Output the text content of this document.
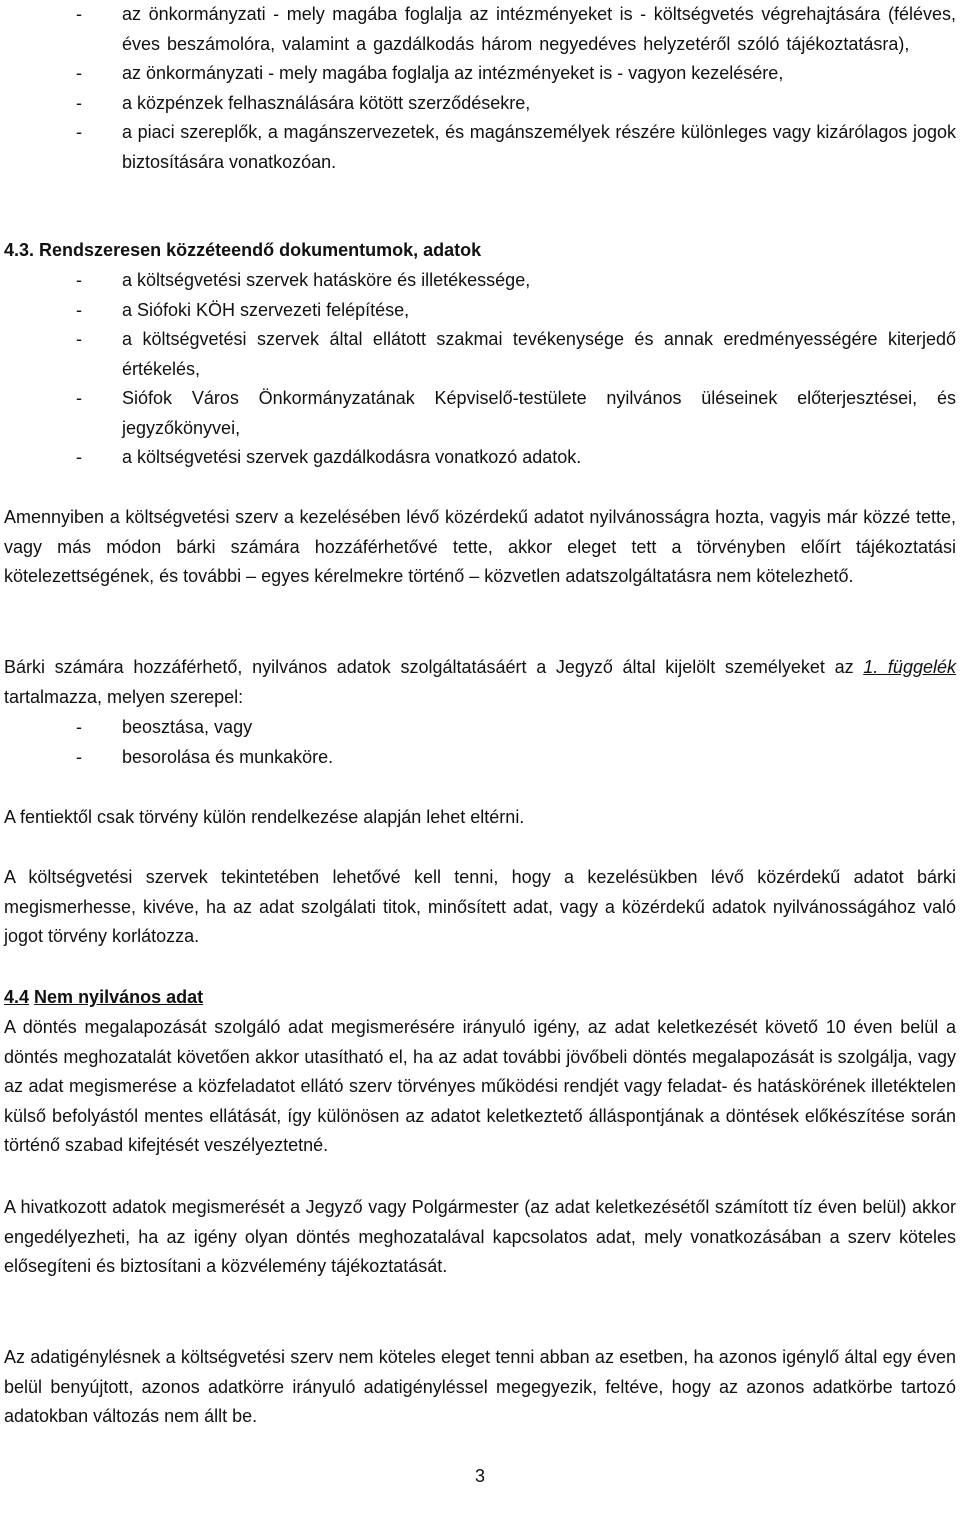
-	az önkormányzati - mely magába foglalja az intézményeket is - költségvetés végrehajtására (féléves, éves beszámolóra, valamint a gazdálkodás három negyedéves helyzetéről szóló tájékoztatásra),
-	az önkormányzati - mely magába foglalja az intézményeket is - vagyon kezelésére,
-	a közpénzek felhasználására kötött szerződésekre,
-	a piaci szereplők, a magánszervezetek, és magánszemélyek részére különleges vagy kizárólagos jogok biztosítására vonatkozóan.
4.3. Rendszeresen közzéteendő dokumentumok, adatok
-	a költségvetési szervek hatásköre és illetékessége,
-	a Siófoki KÖH szervezeti felépítése,
-	a költségvetési szervek által ellátott szakmai tevékenysége és annak eredményességére kiterjedő értékelés,
-	Siófok Város Önkormányzatának Képviselő-testülete nyilvános üléseinek előterjesztései, és jegyzőkönyvei,
-	a költségvetési szervek gazdálkodásra vonatkozó adatok.

Amennyiben a költségvetési szerv a kezelésében lévő közérdekű adatot nyilvánosságra hozta, vagyis már közzé tette, vagy más módon bárki számára hozzáférhetővé tette, akkor eleget tett a törvényben előírt tájékoztatási kötelezettségének, és további – egyes kérelmekre történő – közvetlen adatszolgáltatásra nem kötelezhető.

Bárki számára hozzáférhető, nyilvános adatok szolgáltatásáért a Jegyző által kijelölt személyeket az 1. függelék tartalmazza, melyen szerepel:

-	beosztása, vagy
-	besorolása és munkaköre.

A fentiektől csak törvény külön rendelkezése alapján lehet eltérni.

A költségvetési szervek tekintetében lehetővé kell tenni, hogy a kezelésükben lévő közérdekű adatot bárki megismerhesse, kivéve, ha az adat szolgálati titok, minősített adat, vagy a közérdekű adatok nyilvánosságához való jogot törvény korlátozza.

4.4 Nem nyilvános adat

A döntés megalapozását szolgáló adat megismerésére irányuló igény, az adat keletkezését követő 10 éven belül a döntés meghozatalát követően akkor utasítható el, ha az adat további jövőbeli döntés megalapozását is szolgálja, vagy az adat megismerése a közfeladatot ellátó szerv törvényes működési rendjét vagy feladat- és hatáskörének illetéktelen külső befolyástól mentes ellátását, így különösen az adatot keletkeztető álláspontjának a döntések előkészítése során történő szabad kifejtését veszélyeztetné.

A hivatkozott adatok megismerését a Jegyző vagy Polgármester (az adat keletkezésétől számított tíz éven belül) akkor engedélyezheti, ha az igény olyan döntés meghozatalával kapcsolatos adat, mely vonatkozásában a szerv köteles elősegíteni és biztosítani a közvélemény tájékoztatását.

Az adatigénylésnek a költségvetési szerv nem köteles eleget tenni abban az esetben, ha azonos igénylő által egy éven belül benyújtott, azonos adatkörre irányuló adatigényléssel megegyezik, feltéve, hogy az azonos adatkörbe tartozó adatokban változás nem állt be.

3
